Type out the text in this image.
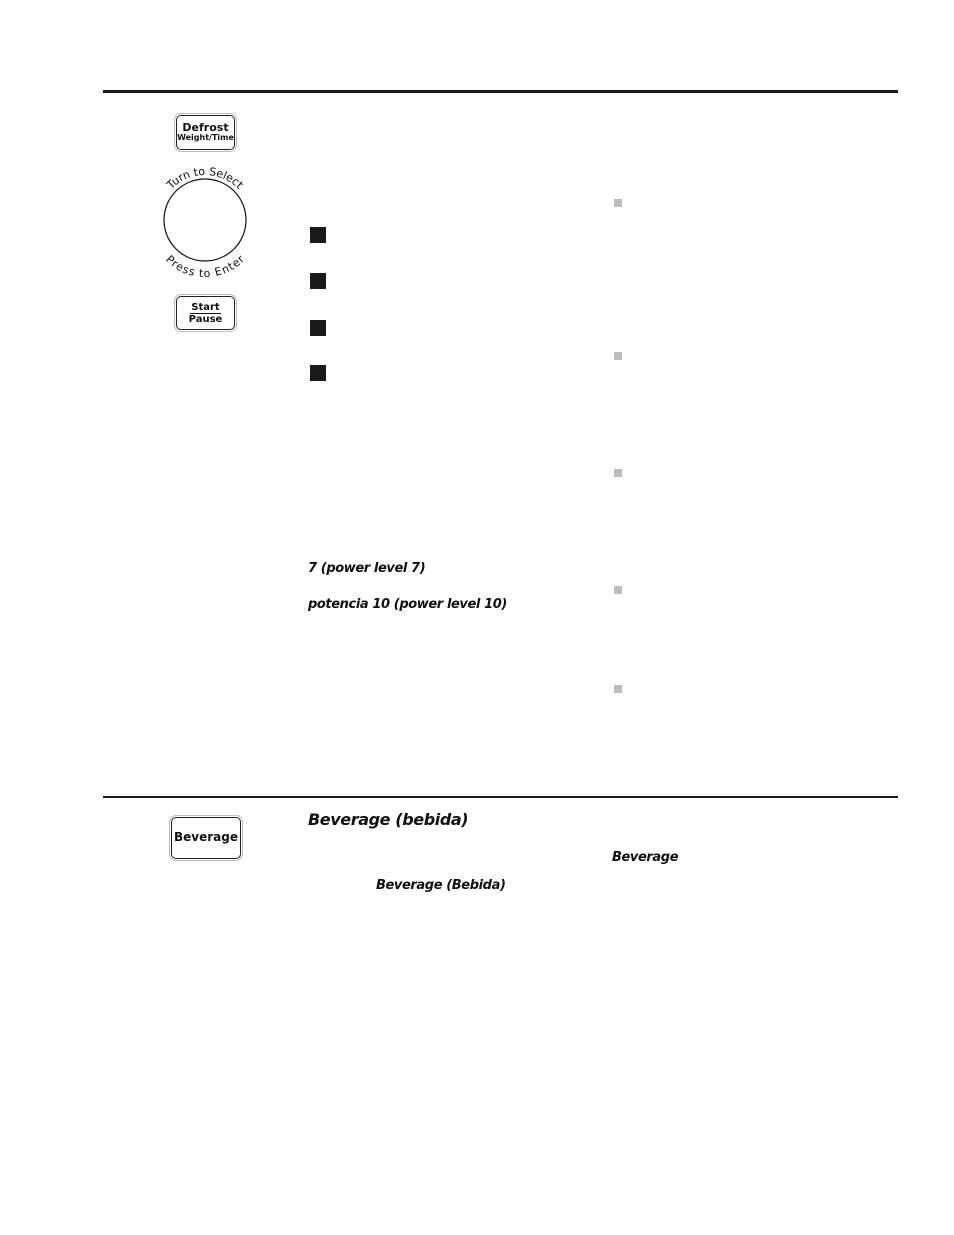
Defrost
Weight/Time
Turn to Select
Press to Enter
Start
Pause
7 (power level 7)
potencia 10 (power level 10)
Beverage
Beverage (bebida)
Beverage
Beverage (Bebida)
